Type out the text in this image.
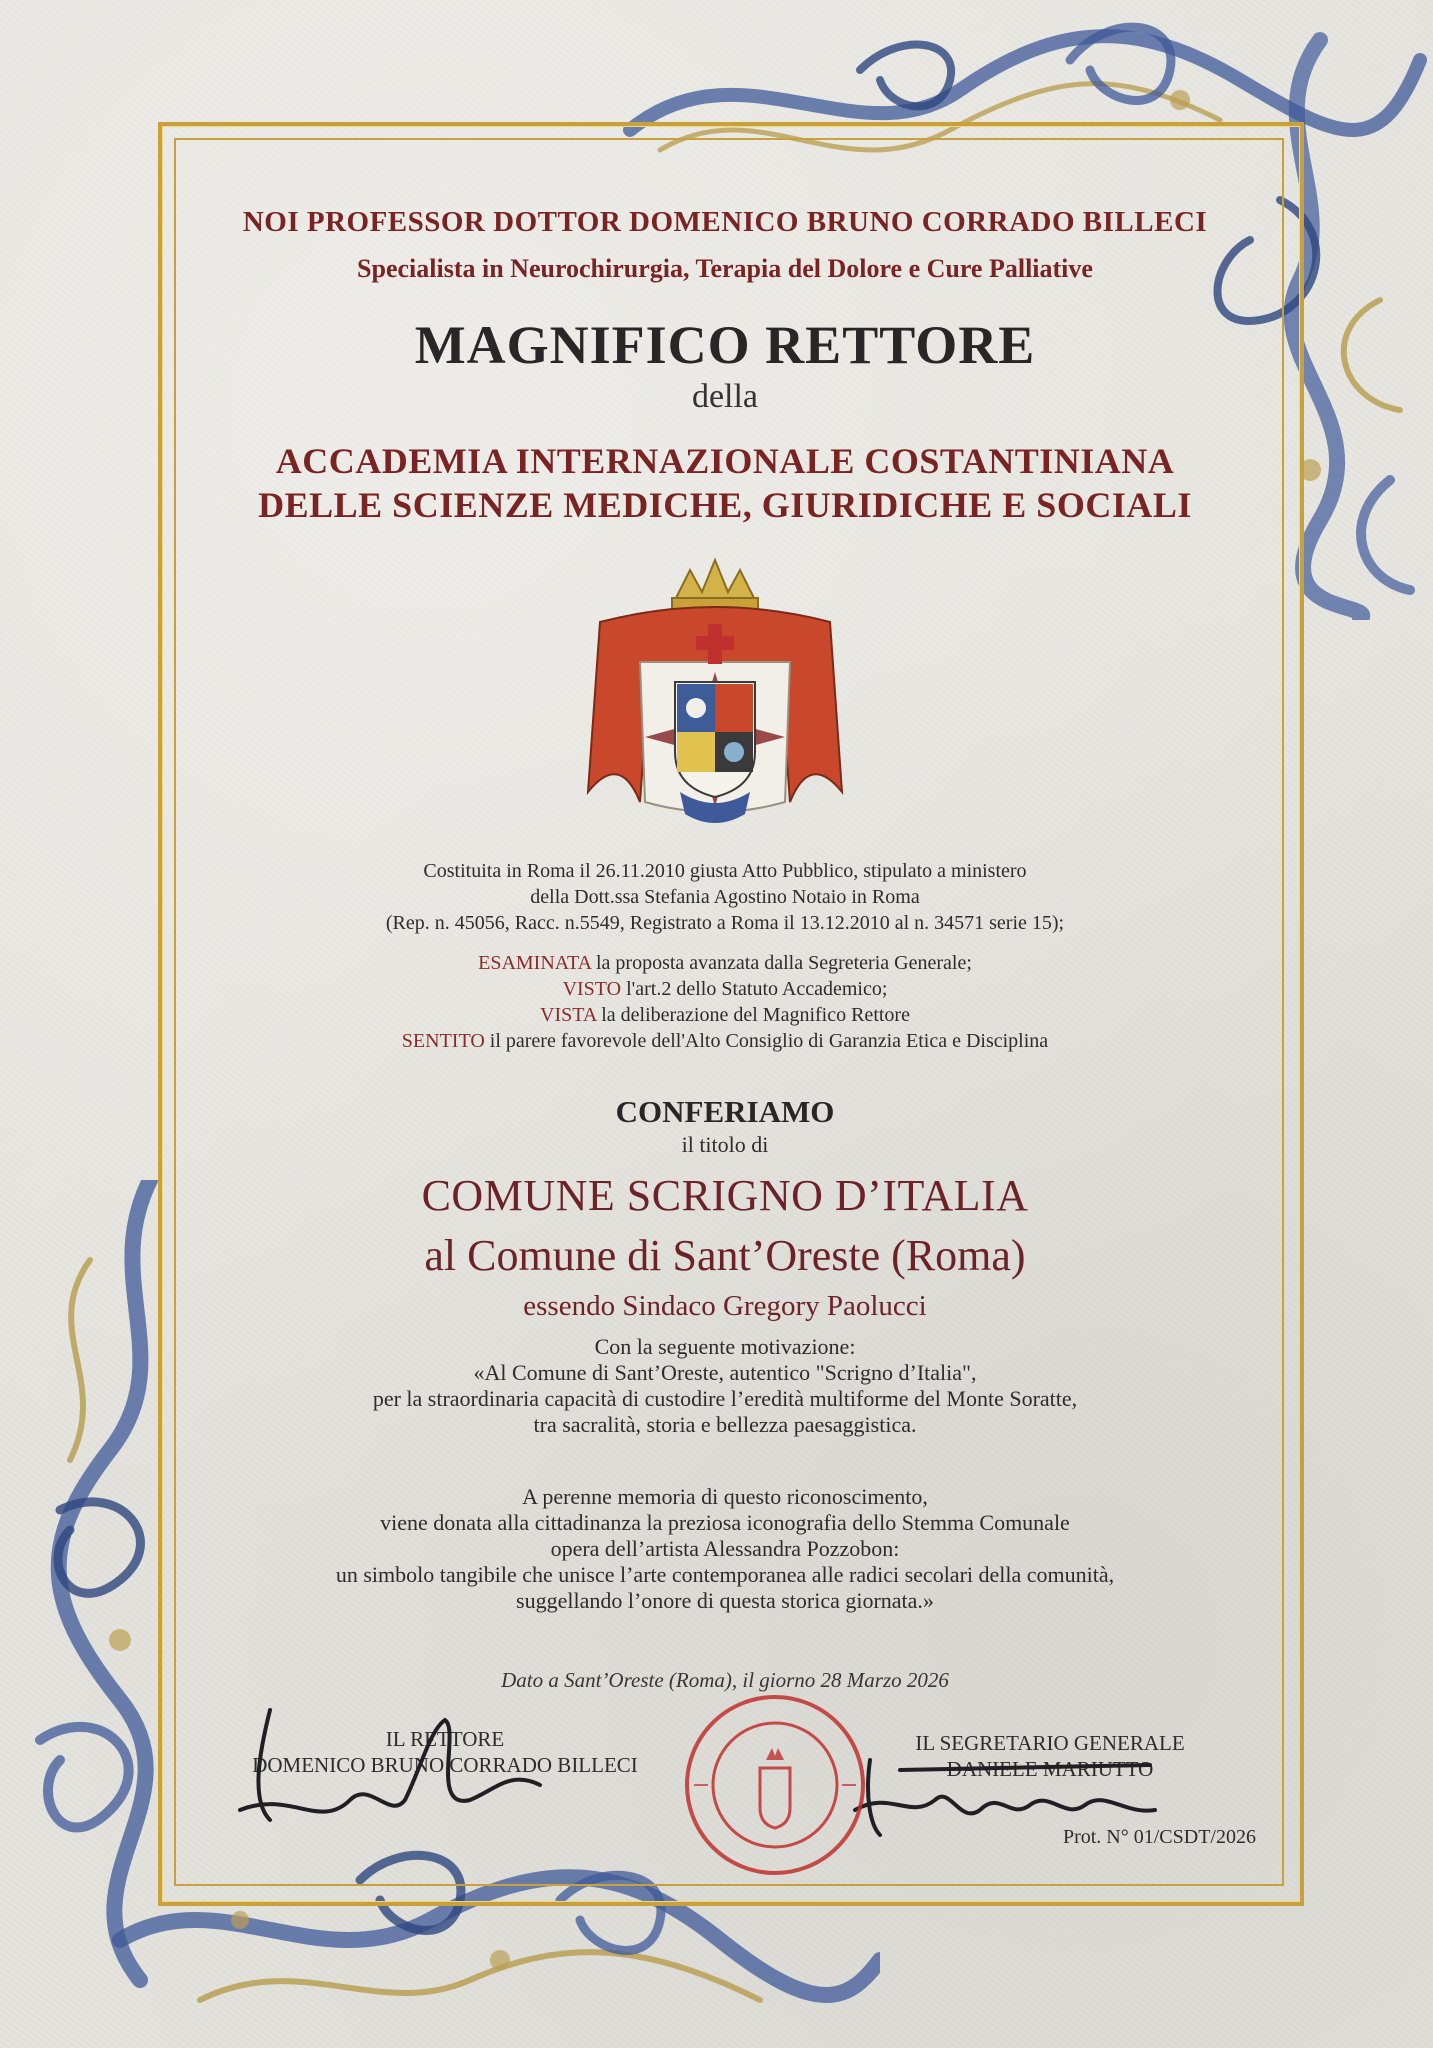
NOI PROFESSOR DOTTOR DOMENICO BRUNO CORRADO BILLECI

Specialista in Neurochirurgia, Terapia del Dolore e Cure Palliative

MAGNIFICO RETTORE

della

ACCADEMIA INTERNAZIONALE COSTANTINIANA

DELLE SCIENZE MEDICHE, GIURIDICHE E SOCIALI

Costituita in Roma il 26.11.2010 giusta Atto Pubblico, stipulato a ministero
della Dott.ssa Stefania Agostino Notaio in Roma
(Rep. n. 45056, Racc. n.5549, Registrato a Roma il 13.12.2010 al n. 34571 serie 15);

ESAMINATA la proposta avanzata dalla Segreteria Generale;
VISTO l'art.2 dello Statuto Accademico;
VISTA la deliberazione del Magnifico Rettore
SENTITO il parere favorevole dell'Alto Consiglio di Garanzia Etica e Disciplina

CONFERIAMO

il titolo di

COMUNE SCRIGNO D’ITALIA

al Comune di Sant’Oreste (Roma)

essendo Sindaco Gregory Paolucci

Con la seguente motivazione:
«Al Comune di Sant’Oreste, autentico "Scrigno d’Italia",
per la straordinaria capacità di custodire l’eredità multiforme del Monte Soratte,
tra sacralità, storia e bellezza paesaggistica.

A perenne memoria di questo riconoscimento,
viene donata alla cittadinanza la preziosa iconografia dello Stemma Comunale
opera dell’artista Alessandra Pozzobon:
un simbolo tangibile che unisce l’arte contemporanea alle radici secolari della comunità,
suggellando l’onore di questa storica giornata.»

Dato a Sant’Oreste (Roma), il giorno 28 Marzo 2026

IL RETTORE
DOMENICO BRUNO CORRADO BILLECI
IL SEGRETARIO GENERALE
DANIELE MARIUTTO
Prot. N° 01/CSDT/2026
